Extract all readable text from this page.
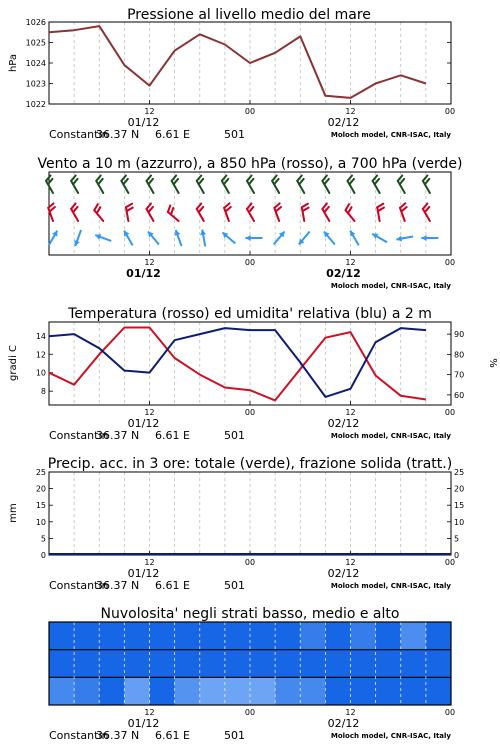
Pressione al livello medio del mare
hPa
12	00	12	00
01/12	02/12
Constantin
36.37 N 6.61 E	501	Moloch model, CNR-ISAC, Italy
1022
1023
1024
1025
1026
Vento a 10 m (azzurro), a 850 hPa (rosso), a 700 hPa (verde)
12	00	12	00
01/12	02/12
Moloch model, CNR-ISAC, Italy
Temperatura (rosso) ed umidita' relativa (blu) a 2 m
gradi C	%
12	00	12	00
01/12	02/12
Constantin
36.37 N 6.61 E	501	Moloch model, CNR-ISAC, Italy
8
10
12
14
60
70
80
90
Precip. acc. in 3 ore: totale (verde), frazione solida (tratt.)
mm
12	00	12	00
01/12	02/12
Constantin
36.37 N 6.61 E	501	Moloch model, CNR-ISAC, Italy
0
5
10
15
20
25
0
5
10
15
20
25
Nuvolosita' negli strati basso, medio e alto
12	00	12	00
01/12	02/12
Constantin
36.37 N 6.61 E	501	Moloch model, CNR-ISAC, Italy
